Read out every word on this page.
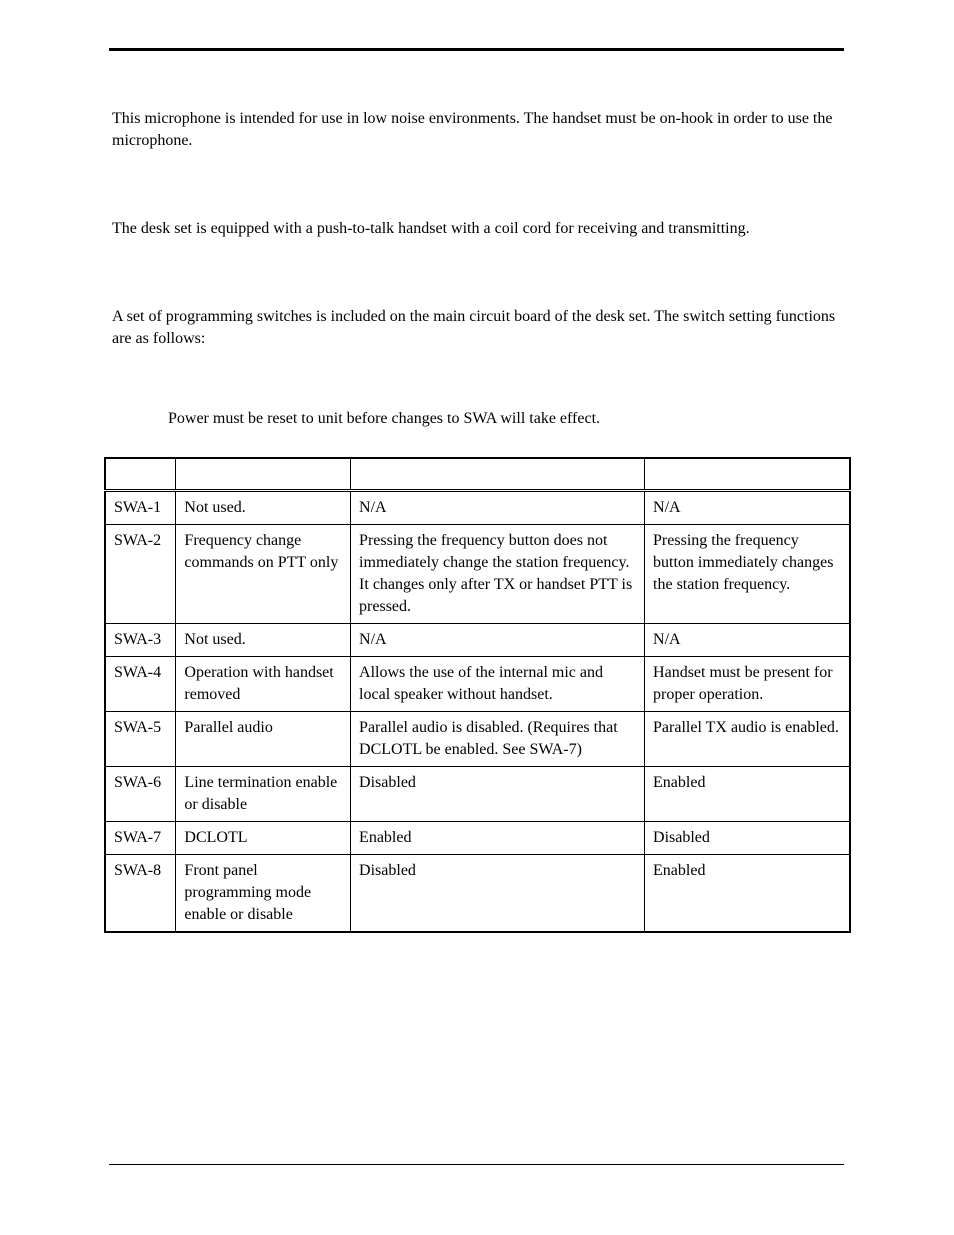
This microphone is intended for use in low noise environments. The handset must be on-hook in order to use the microphone.

The desk set is equipped with a push-to-talk handset with a coil cord for receiving and transmitting.

A set of programming switches is included on the main circuit board of the desk set. The switch setting functions are as follows:

Power must be reset to unit before changes to SWA will take effect.

SWA-1	Not used.	N/A	N/A
SWA-2	Frequency change commands on PTT only	Pressing the frequency button does not immediately change the station frequency. It changes only after TX or handset PTT is pressed.	Pressing the frequency button immediately changes the station frequency.
SWA-3	Not used.	N/A	N/A
SWA-4	Operation with handset removed	Allows the use of the internal mic and local speaker without handset.	Handset must be present for proper operation.
SWA-5	Parallel audio	Parallel audio is disabled. (Requires that DCLOTL be enabled. See SWA-7)	Parallel TX audio is enabled.
SWA-6	Line termination enable or disable	Disabled	Enabled
SWA-7	DCLOTL	Enabled	Disabled
SWA-8	Front panel programming mode enable or disable	Disabled	Enabled
